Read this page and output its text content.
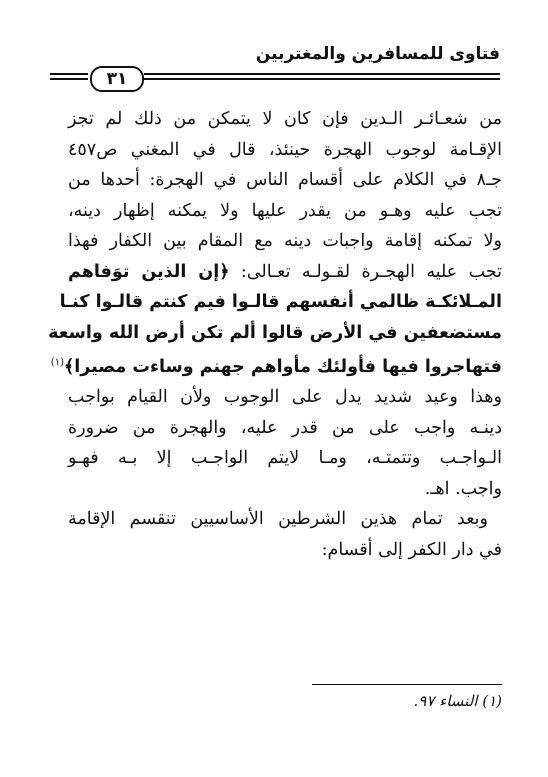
فتاوى للمسافرين والمغتربين
٣١
من شعـائـر الـدين فإن كان لا يتمكن من ذلك لم تجز
الإقـامة لوجوب الهجرة حينئذ، قال في المغني ص٤٥٧
جـ٨ في الكلام على أقسام الناس في الهجرة: أحدها من
تجب عليه وهـو من يقدر عليها ولا يمكنه إظهار دينه،
ولا تمكنه إقامة واجبات دينه مع المقام بين الكفار فهذا
تجب عليه الهجـرة لقـولـه تعـالى: ﴿إن الذين توَفاهم
المـلائكـة ظالمي أنفسهم قالـوا فيم كنتم قالـوا كنـا
مستضعفين في الأرض قالوا ألم تكن أرض الله واسعة
فتهاجروا فيها فأولئك مأواهم جهنم وساءت مصيرا﴾$^{(١)}$
وهذا وعيد شديد يدل على الوجوب ولأن القيام بواجب
دينـه واجب على من قدر عليه، والهجرة من ضرورة
الـواجـب وتتمتـه، ومـا لايتم الواجـب إلا بـه فهـو
واجب. اهـ.
وبعد تمام هذين الشرطين الأساسيين تنقسم الإقامة
في دار الكفر إلى أقسام:
(١) النساء ٩٧.
